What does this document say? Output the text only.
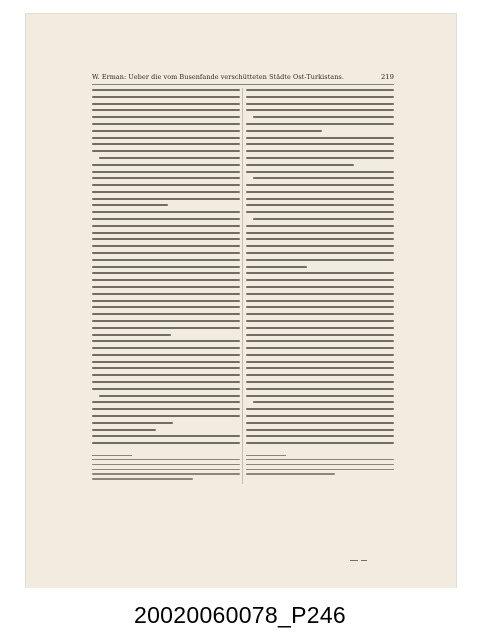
W. Erman: Ueber die vom Busenfande verschütteten Städte Ost-Turkistans.	219
20020060078_P246
